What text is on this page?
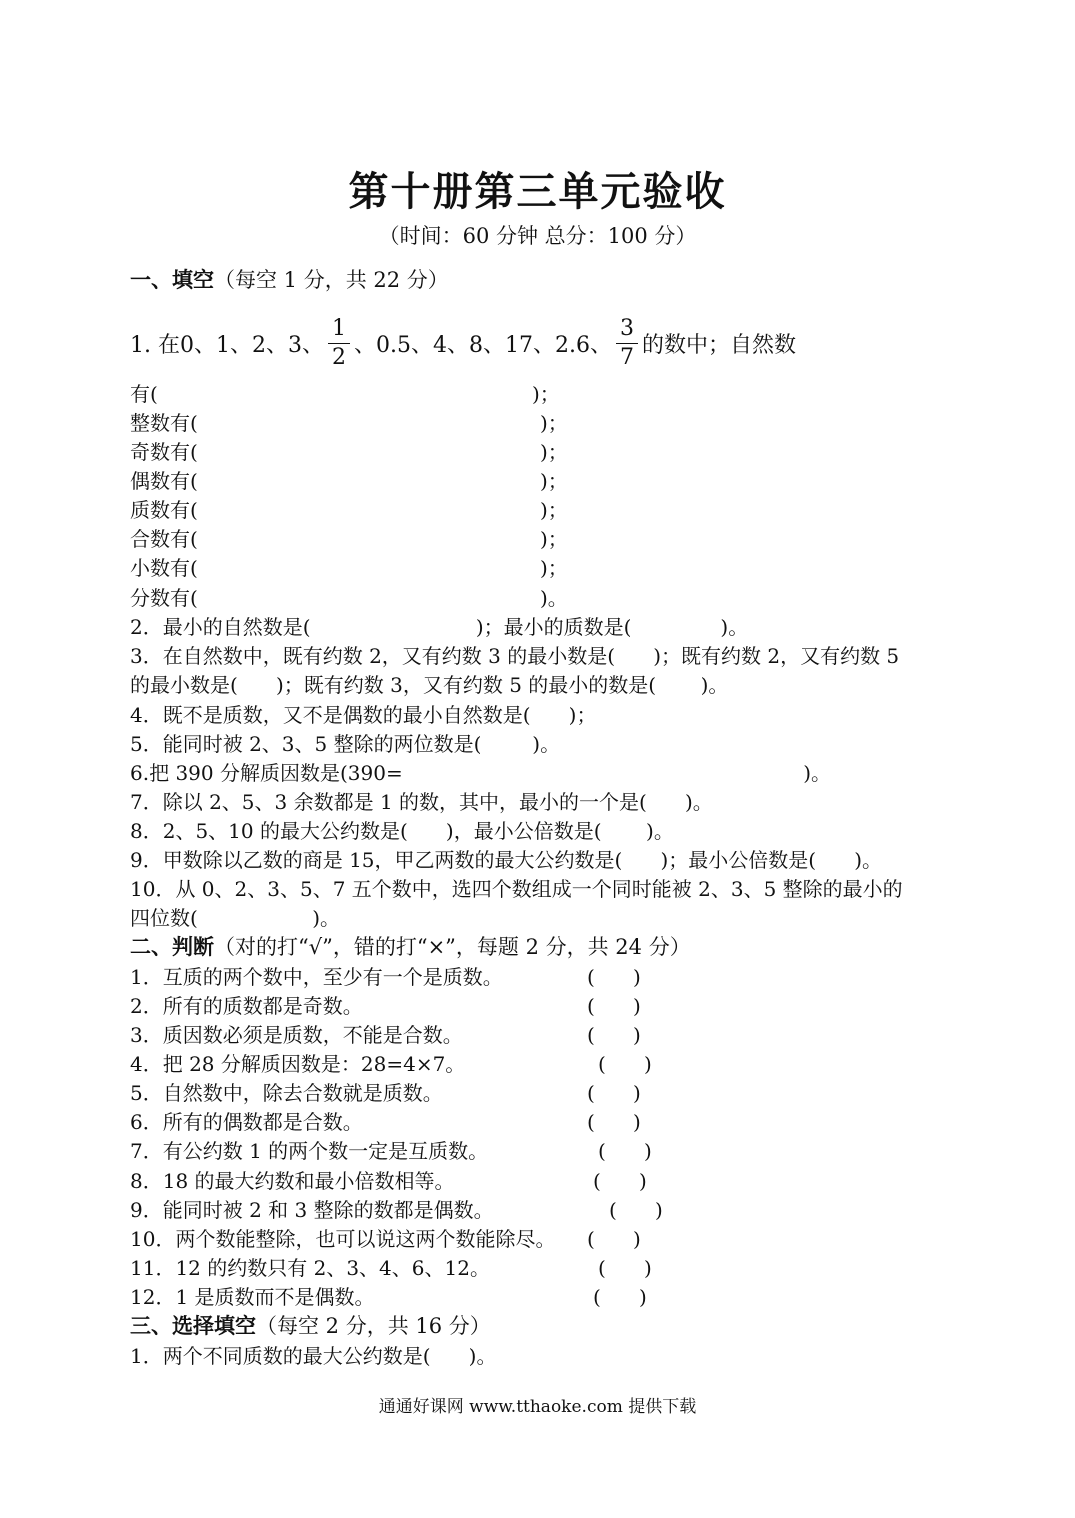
第十册第三单元验收
（时间：60 分钟 总分：100 分）
一、填空（每空 1 分，共 22 分）
1. 在0、1、2、3、 $\frac{1}{2}$ 、0.5、4、8、17、2.6、 $\frac{3}{7}$ 的数中；自然数
有(	)；
整数有(	)；
奇数有(	)；
偶数有(	)；
质数有(	)；
合数有(	)；
小数有(	)；
分数有(	)。
2．最小的自然数是(                          )；最小的质数是(              )。
3．在自然数中，既有约数 2，又有约数 3 的最小数是(      )；既有约数 2，又有约数 5
的最小数是(      )；既有约数 3，又有约数 5 的最小的数是(       )。
4．既不是质数，又不是偶数的最小自然数是(      )；
5．能同时被 2、3、5 整除的两位数是(        )。
6.把 390 分解质因数是(390=                                                               )。
7．除以 2、5、3 余数都是 1 的数，其中，最小的一个是(      )。
8．2、5、10 的最大公约数是(      )，最小公倍数是(       )。
9．甲数除以乙数的商是 15，甲乙两数的最大公约数是(      )；最小公倍数是(      )。
10．从 0、2、3、5、7 五个数中，选四个数组成一个同时能被 2、3、5 整除的最小的
四位数(                  )。
二、判断（对的打“√”，错的打“×”，每题 2 分，共 24 分）
1．互质的两个数中，至少有一个是质数。	(      )
2．所有的质数都是奇数。	(      )
3．质因数必须是质数，不能是合数。	(      )
4．把 28 分解质因数是：28=4×7。	(      )
5．自然数中，除去合数就是质数。	(      )
6．所有的偶数都是合数。	(      )
7．有公约数 1 的两个数一定是互质数。	(      )
8．18 的最大约数和最小倍数相等。	(      )
9．能同时被 2 和 3 整除的数都是偶数。	(      )
10．两个数能整除，也可以说这两个数能除尽。 (      )
11．12 的约数只有 2、3、4、6、12。	(      )
12．1 是质数而不是偶数。	(      )
三、选择填空（每空 2 分，共 16 分）
1．两个不同质数的最大公约数是(      )。
通通好课网 www.tthaoke.com 提供下载
